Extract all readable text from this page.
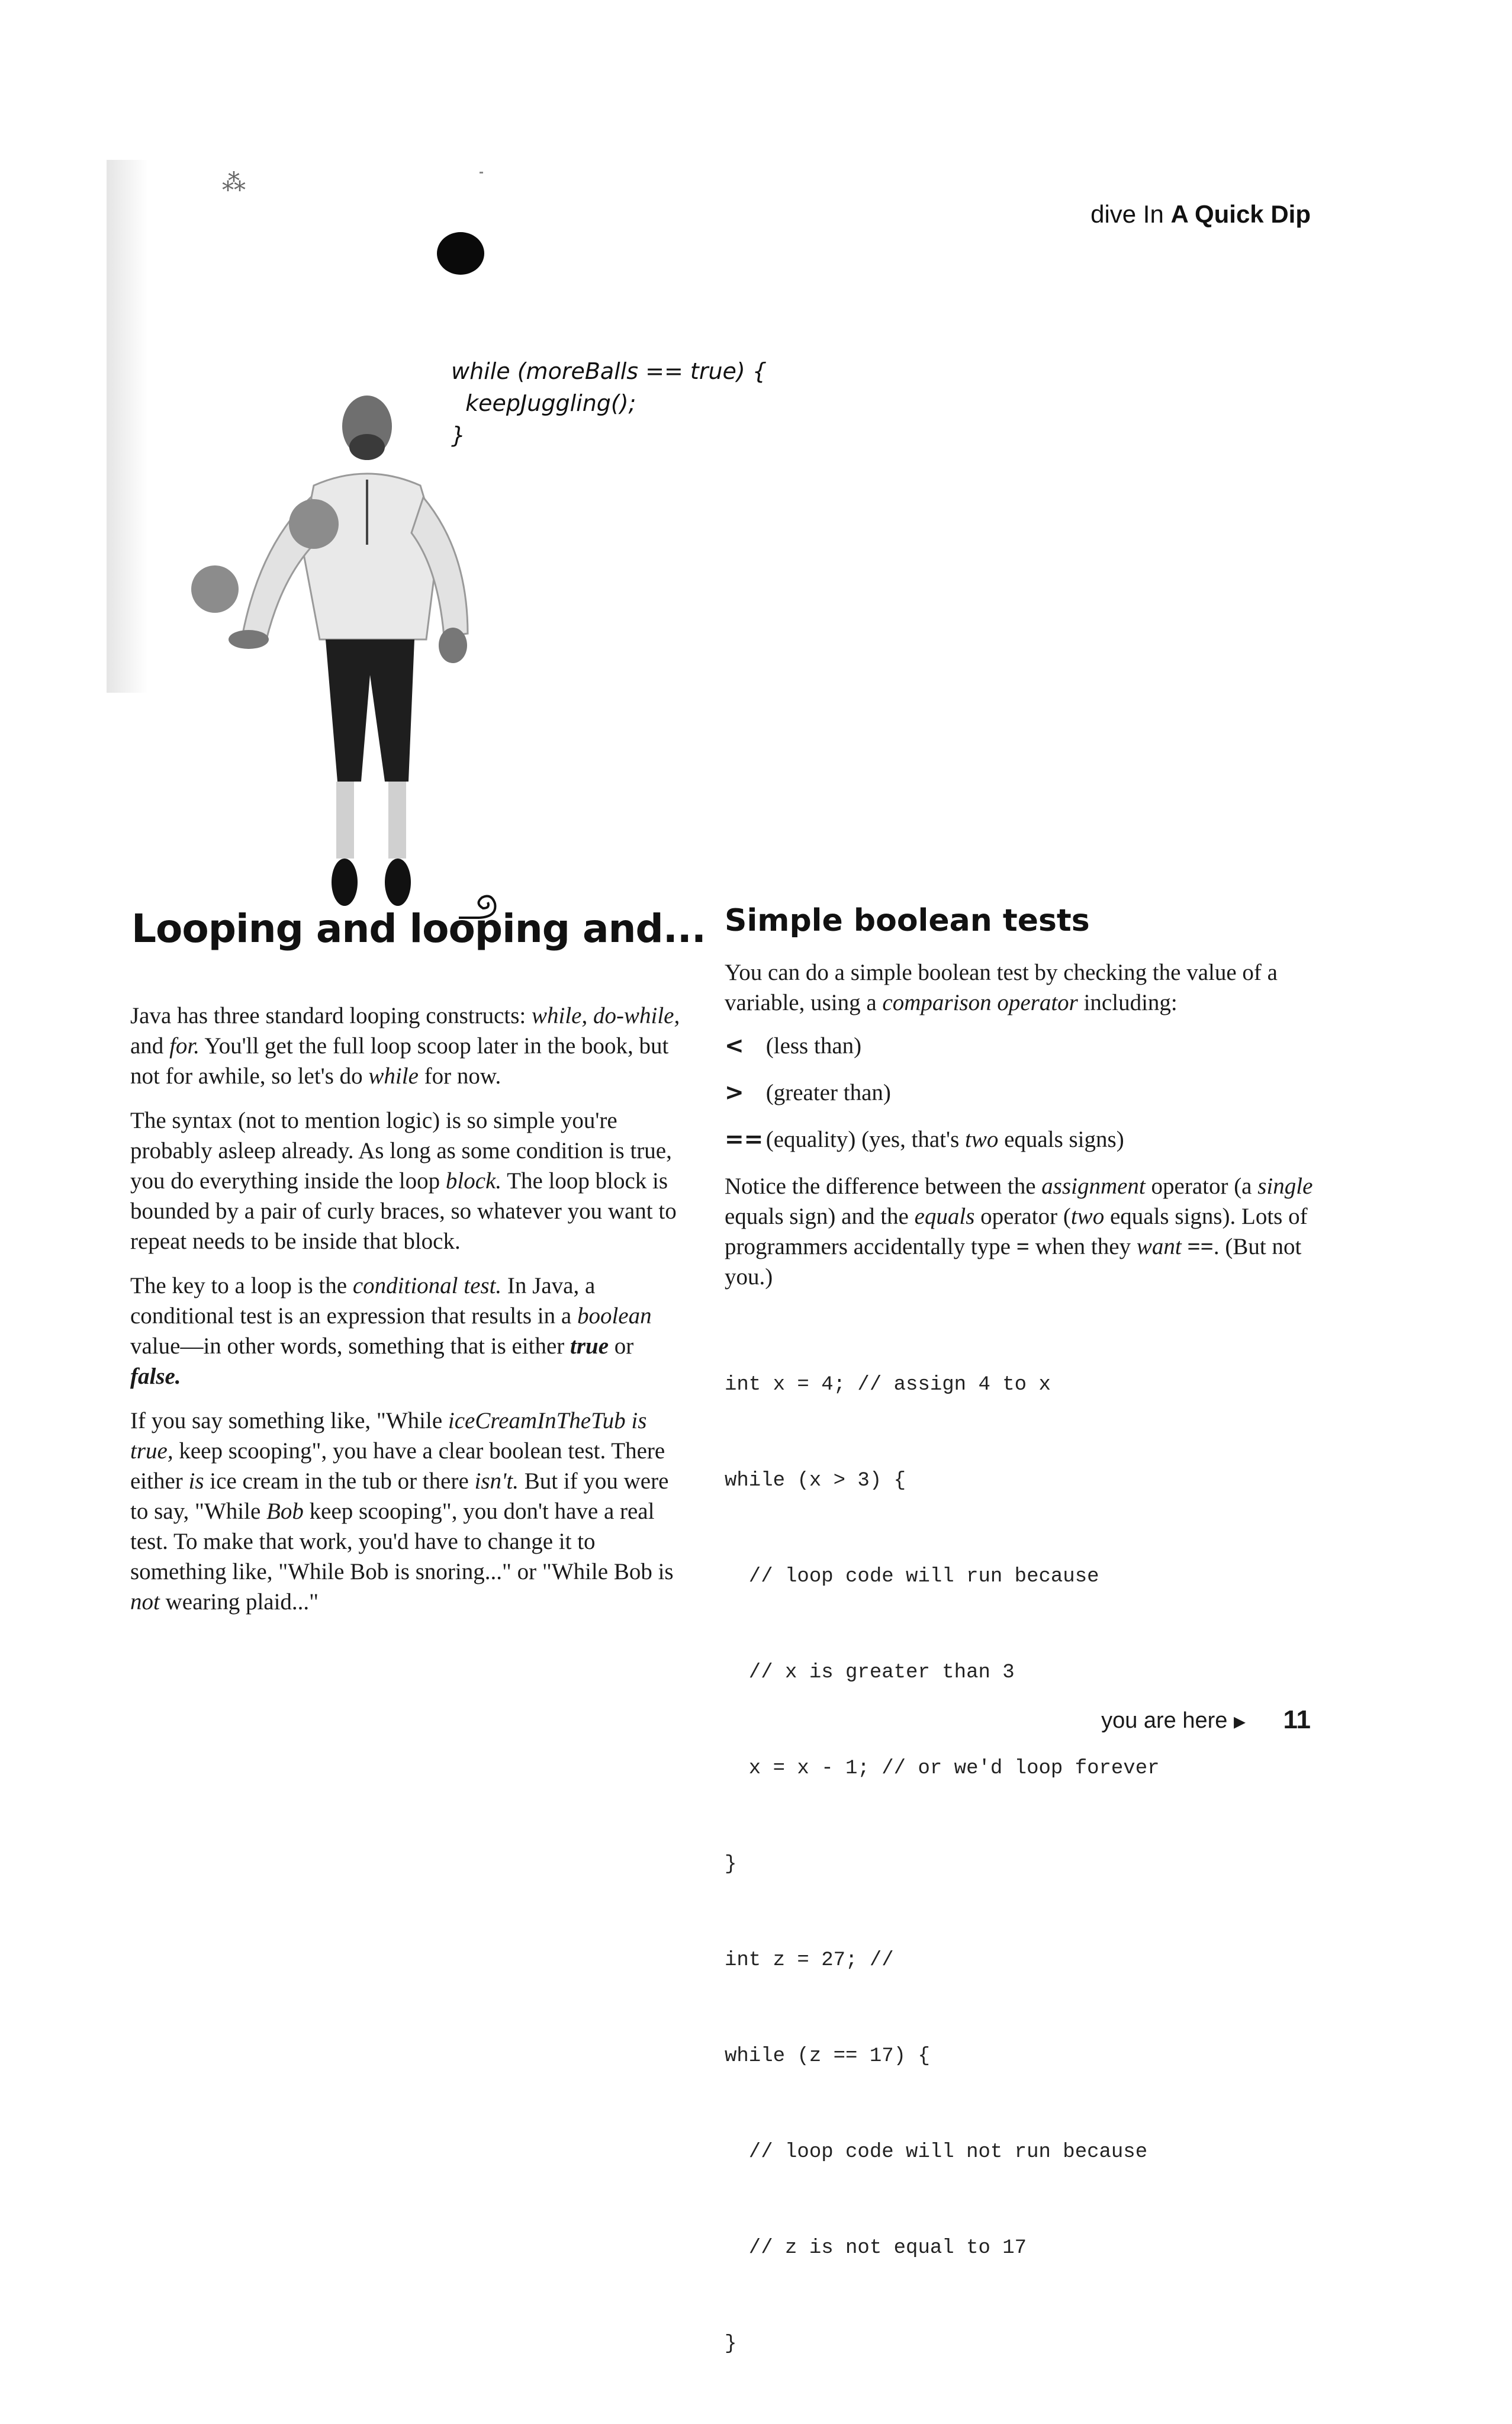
dive In A Quick Dip
⁂
while (moreBalls == true) {
keepJuggling();
}
Looping and looping and...

Java has three standard looping constructs: while, do-while, and for. You'll get the full loop scoop later in the book, but not for awhile, so let's do while for now.

The syntax (not to mention logic) is so simple you're probably asleep already. As long as some condition is true, you do everything inside the loop block. The loop block is bounded by a pair of curly braces, so whatever you want to repeat needs to be inside that block.

The key to a loop is the conditional test. In Java, a conditional test is an expression that results in a boolean value—in other words, something that is either true or false.

If you say something like, "While iceCreamInTheTub is true, keep scooping", you have a clear boolean test. There either is ice cream in the tub or there isn't. But if you were to say, "While Bob keep scooping", you don't have a real test. To make that work, you'd have to change it to something like, "While Bob is snoring..." or "While Bob is not wearing plaid..."

Simple boolean tests

You can do a simple boolean test by checking the value of a variable, using a comparison operator including:

< (less than)
> (greater than)
== (equality) (yes, that's two equals signs)

Notice the difference between the assignment operator (a single equals sign) and the equals operator (two equals signs). Lots of programmers accidentally type = when they want ==. (But not you.)

int x = 4; // assign 4 to x

while (x > 3) {

// loop code will run because

// x is greater than 3

x = x - 1; // or we'd loop forever

}

int z = 27; //

while (z == 17) {

// loop code will not run because

// z is not equal to 17

}

you are here ▶ 11
